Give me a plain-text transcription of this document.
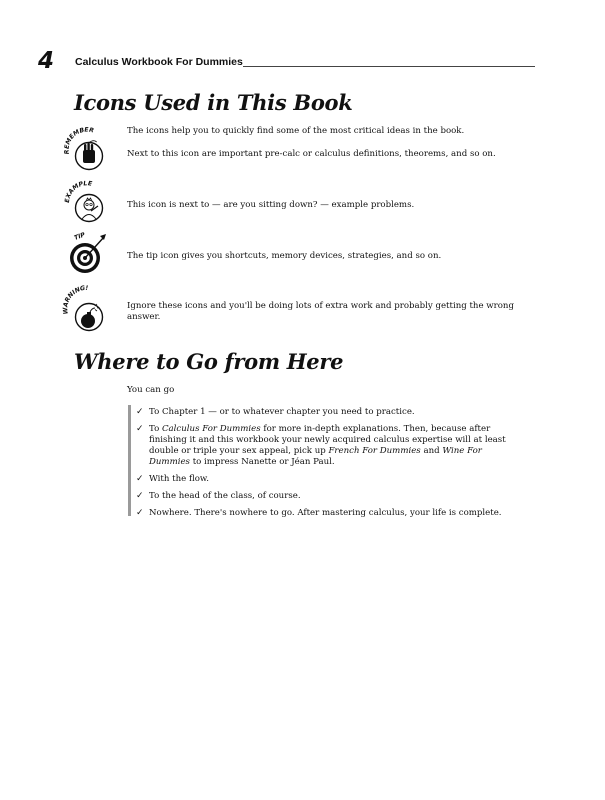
4 Calculus Workbook For Dummies
Icons Used in This Book
REMEMBER	The icons help you to quickly find some of the most critical ideas in the book.

Next to this icon are important pre-calc or calculus definitions, theorems, and so on.

EXAMPLE

This icon is next to — are you sitting down? — example problems.

TIP

The tip icon gives you shortcuts, memory devices, strategies, and so on.

WARNING!

Ignore these icons and you'll be doing lots of extra work and probably getting the wrong answer.

Where to Go from Here

You can go

✓ To Chapter 1 — or to whatever chapter you need to practice.
✓ To Calculus For Dummies for more in-depth explanations. Then, because after finishing it and this workbook your newly acquired calculus expertise will at least double or triple your sex appeal, pick up French For Dummies and Wine For Dummies to impress Nanette or Jéan Paul.
✓ With the flow.
✓ To the head of the class, of course.
✓ Nowhere. There's nowhere to go. After mastering calculus, your life is complete.
